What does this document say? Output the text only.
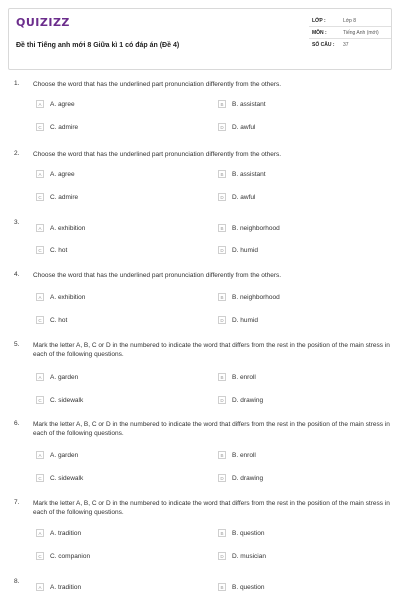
QUIZIZZ
Đề thi Tiếng anh mới 8 Giữa kì 1 có đáp án (Đề 4)
LỚP :	Lớp 8
MÔN :	Tiếng Anh (mới)
SỐ CÂU :	37
1. Choose the word that has the underlined part pronunciation differently from the others.
A	A. agree	B	B. assistant
C	C. admire	D	D. awful
2. Choose the word that has the underlined part pronunciation differently from the others.
A	A. agree	B	B. assistant
C	C. admire	D	D. awful
3.
A	A. exhibition	B	B. neighborhood
C	C. hot	D	D. humid
4. Choose the word that has the underlined part pronunciation differently from the others.
A	A. exhibition	B	B. neighborhood
C	C. hot	D	D. humid
5. Mark the letter A, B, C or D in the numbered to indicate the word that differs from the rest in the position of the main stress in each of the following questions.
A	A. garden	B	B. enroll
C	C. sidewalk	D	D. drawing
6. Mark the letter A, B, C or D in the numbered to indicate the word that differs from the rest in the position of the main stress in each of the following questions.
A	A. garden	B	B. enroll
C	C. sidewalk	D	D. drawing
7. Mark the letter A, B, C or D in the numbered to indicate the word that differs from the rest in the position of the main stress in each of the following questions.
A	A. tradition	B	B. question
C	C. companion	D	D. musician
8.
A	A. tradition	B	B. question
